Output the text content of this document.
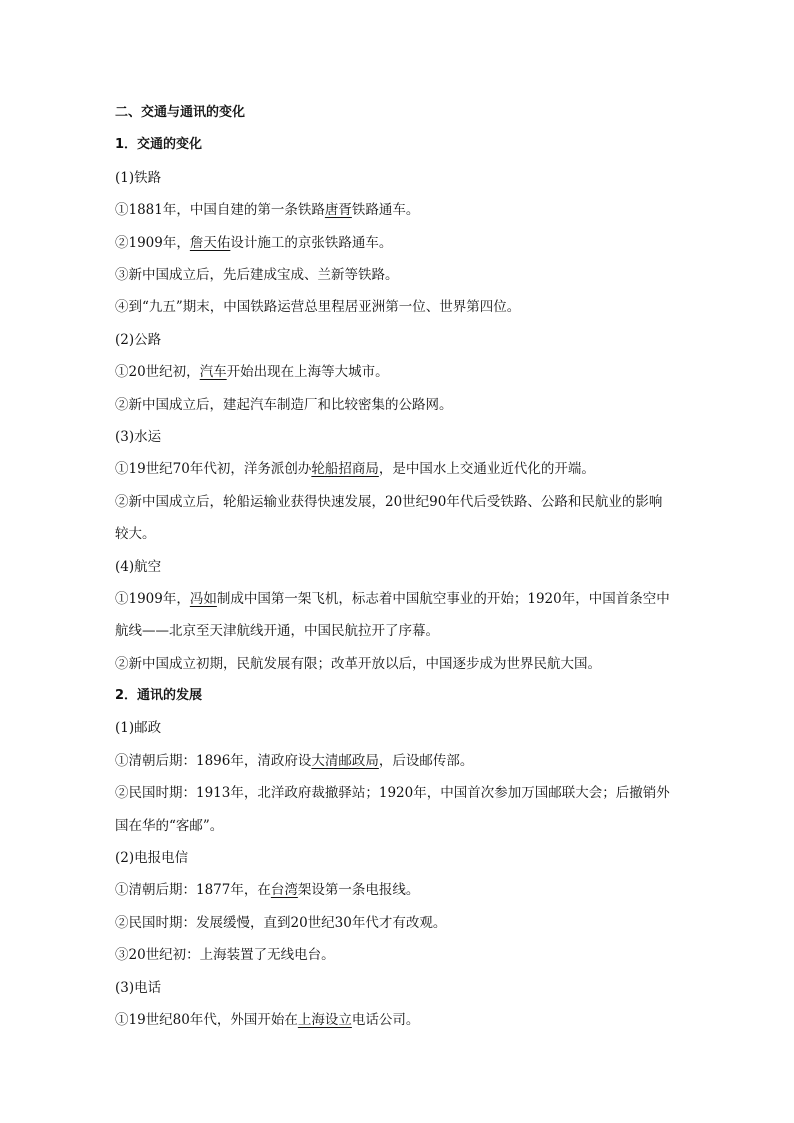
二、交通与通讯的变化
1．交通的变化
(1)铁路
①1881年，中国自建的第一条铁路唐胥铁路通车。
②1909年，詹天佑设计施工的京张铁路通车。
③新中国成立后，先后建成宝成、兰新等铁路。
④到“九五”期末，中国铁路运营总里程居亚洲第一位、世界第四位。
(2)公路
①20世纪初，汽车开始出现在上海等大城市。
②新中国成立后，建起汽车制造厂和比较密集的公路网。
(3)水运
①19世纪70年代初，洋务派创办轮船招商局，是中国水上交通业近代化的开端。
②新中国成立后，轮船运输业获得快速发展，20世纪90年代后受铁路、公路和民航业的影响较大。
(4)航空
①1909年，冯如制成中国第一架飞机，标志着中国航空事业的开始；1920年，中国首条空中航线——北京至天津航线开通，中国民航拉开了序幕。
②新中国成立初期，民航发展有限；改革开放以后，中国逐步成为世界民航大国。
2．通讯的发展
(1)邮政
①清朝后期：1896年，清政府设大清邮政局，后设邮传部。
②民国时期：1913年，北洋政府裁撤驿站；1920年，中国首次参加万国邮联大会；后撤销外国在华的“客邮”。
(2)电报电信
①清朝后期：1877年，在台湾架设第一条电报线。
②民国时期：发展缓慢，直到20世纪30年代才有改观。
③20世纪初：上海装置了无线电台。
(3)电话
①19世纪80年代，外国开始在上海设立电话公司。
